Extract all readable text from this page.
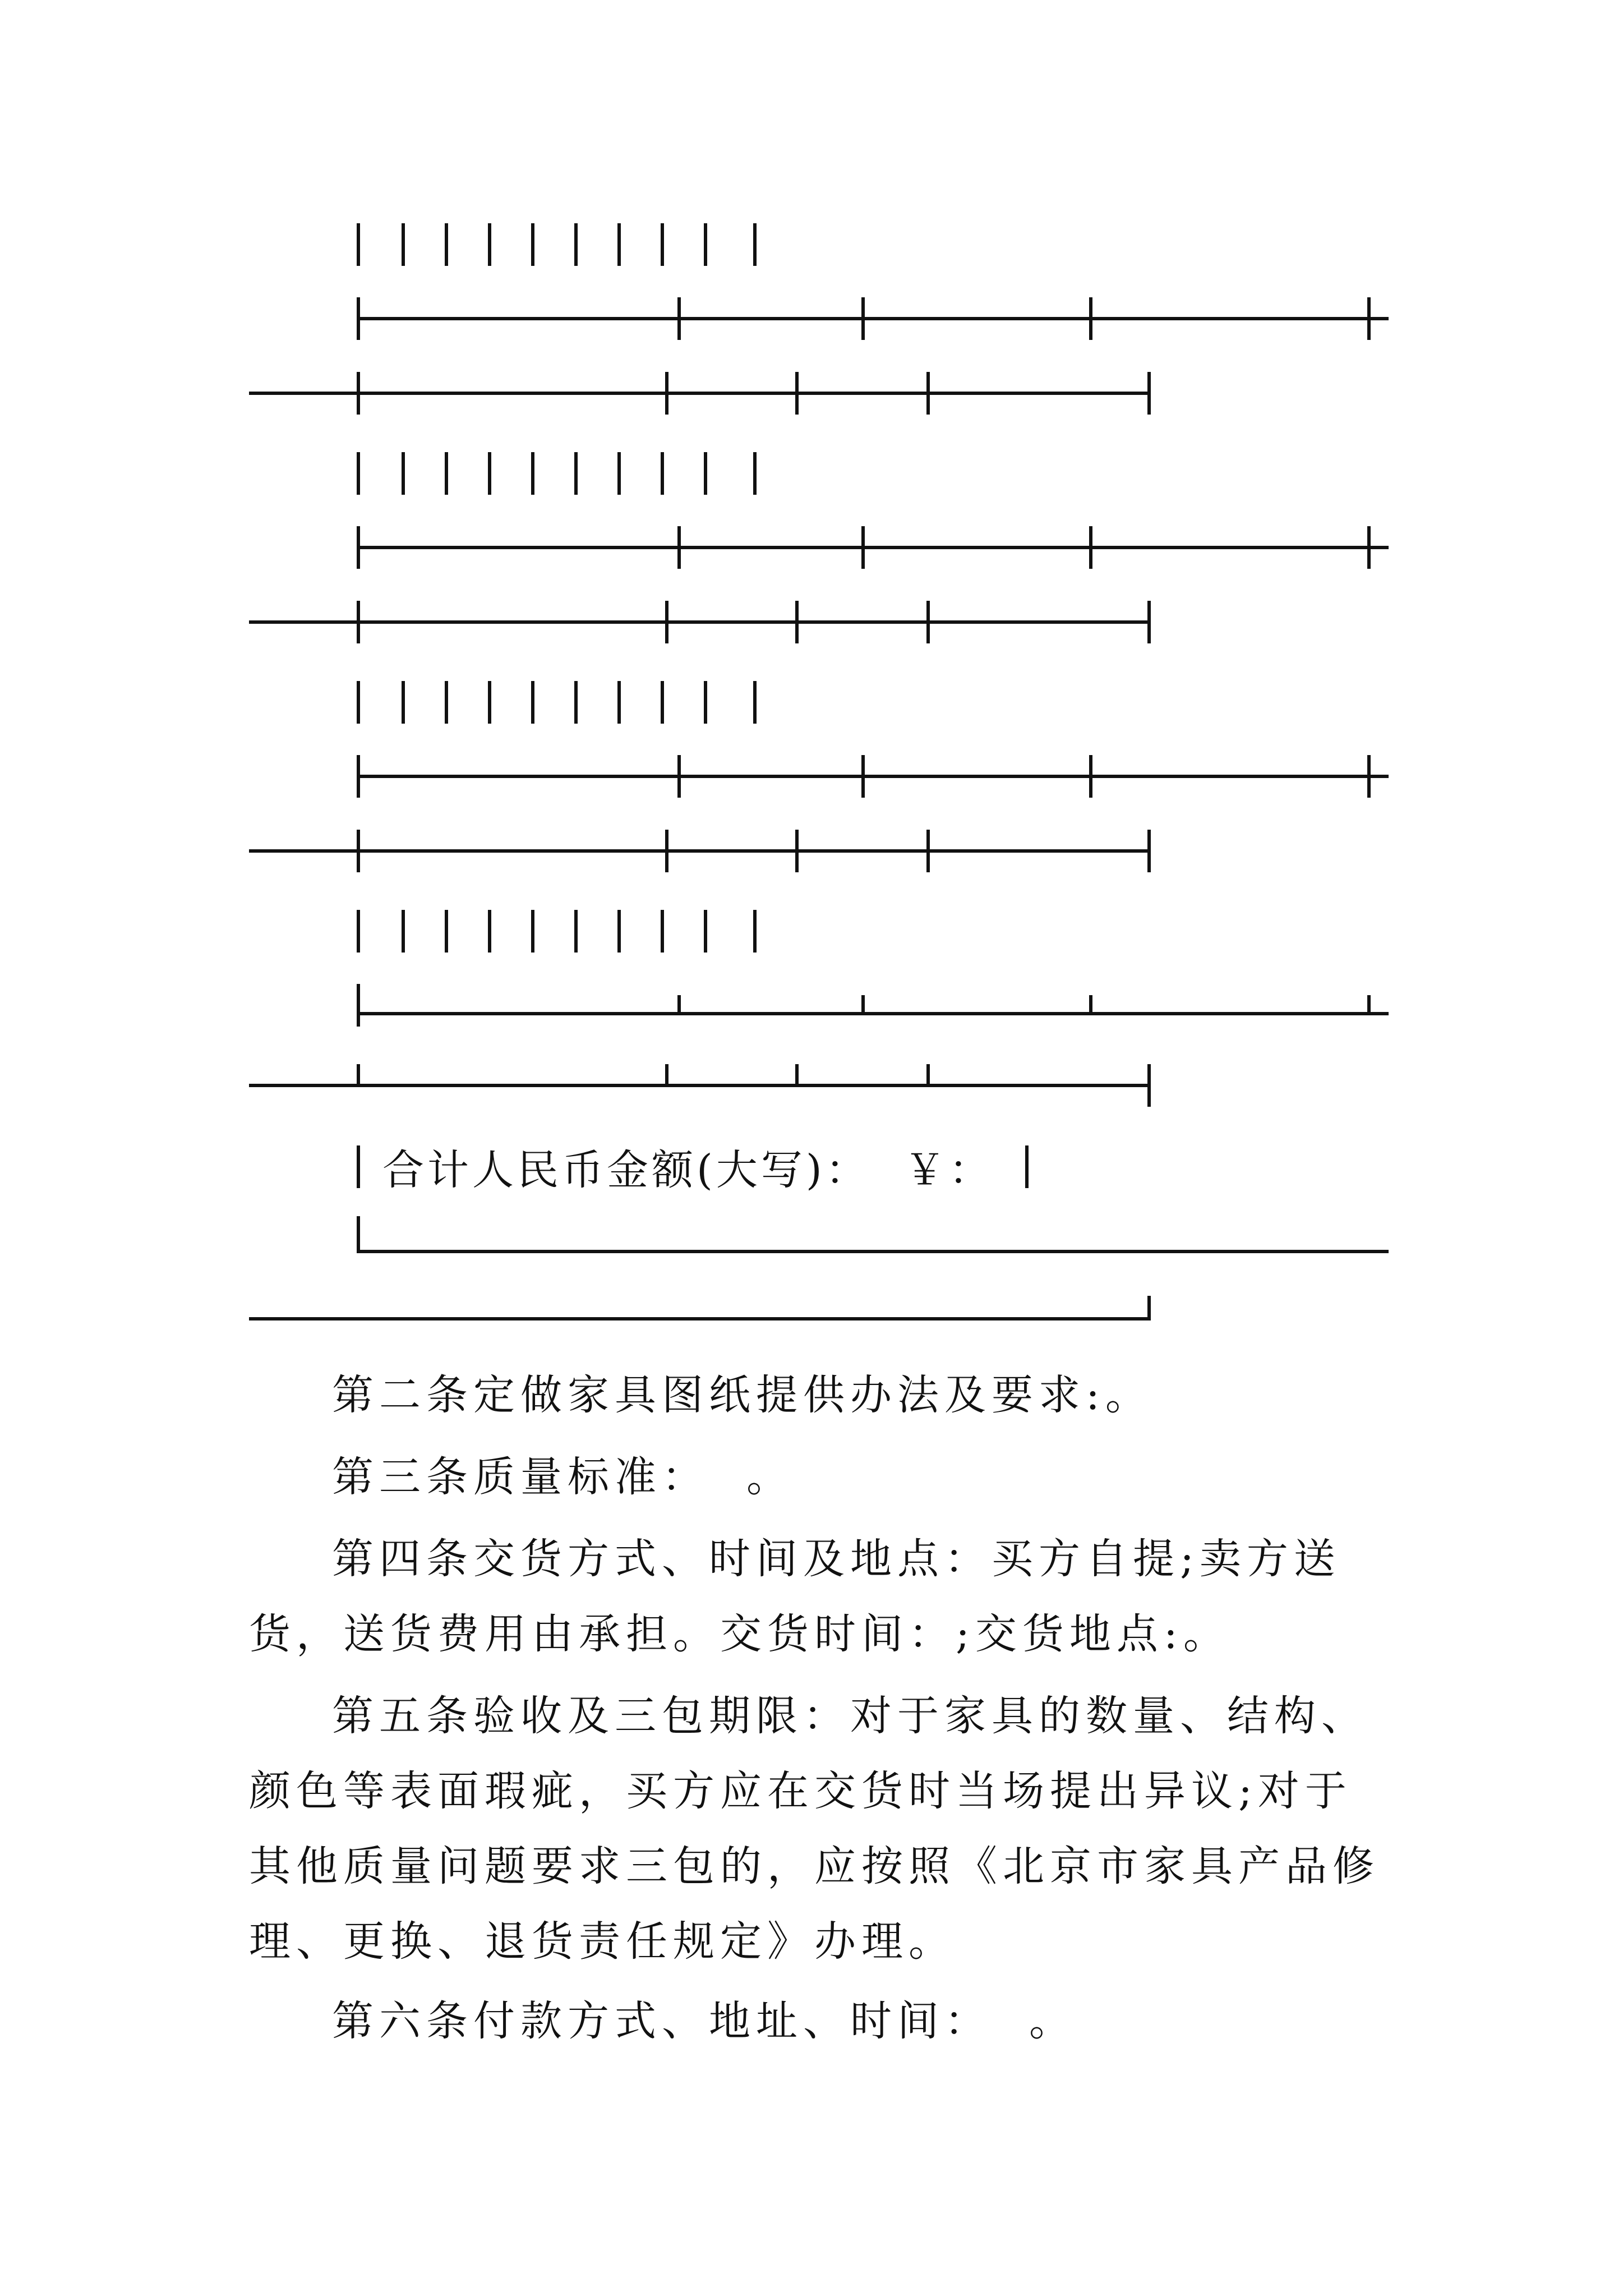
合计人民币金额(大写)： ￥：
第二条定做家具图纸提供办法及要求:。
第三条质量标准：  。
第四条交货方式、时间及地点：买方自提;卖方送货，送货费用由承担。交货时间：;交货地点:。
第五条验收及三包期限：对于家具的数量、结构、颜色等表面瑕疵，买方应在交货时当场提出异议;对于其他质量问题要求三包的，应按照《北京市家具产品修理、更换、退货责任规定》办理。
第六条付款方式、地址、时间：  。
